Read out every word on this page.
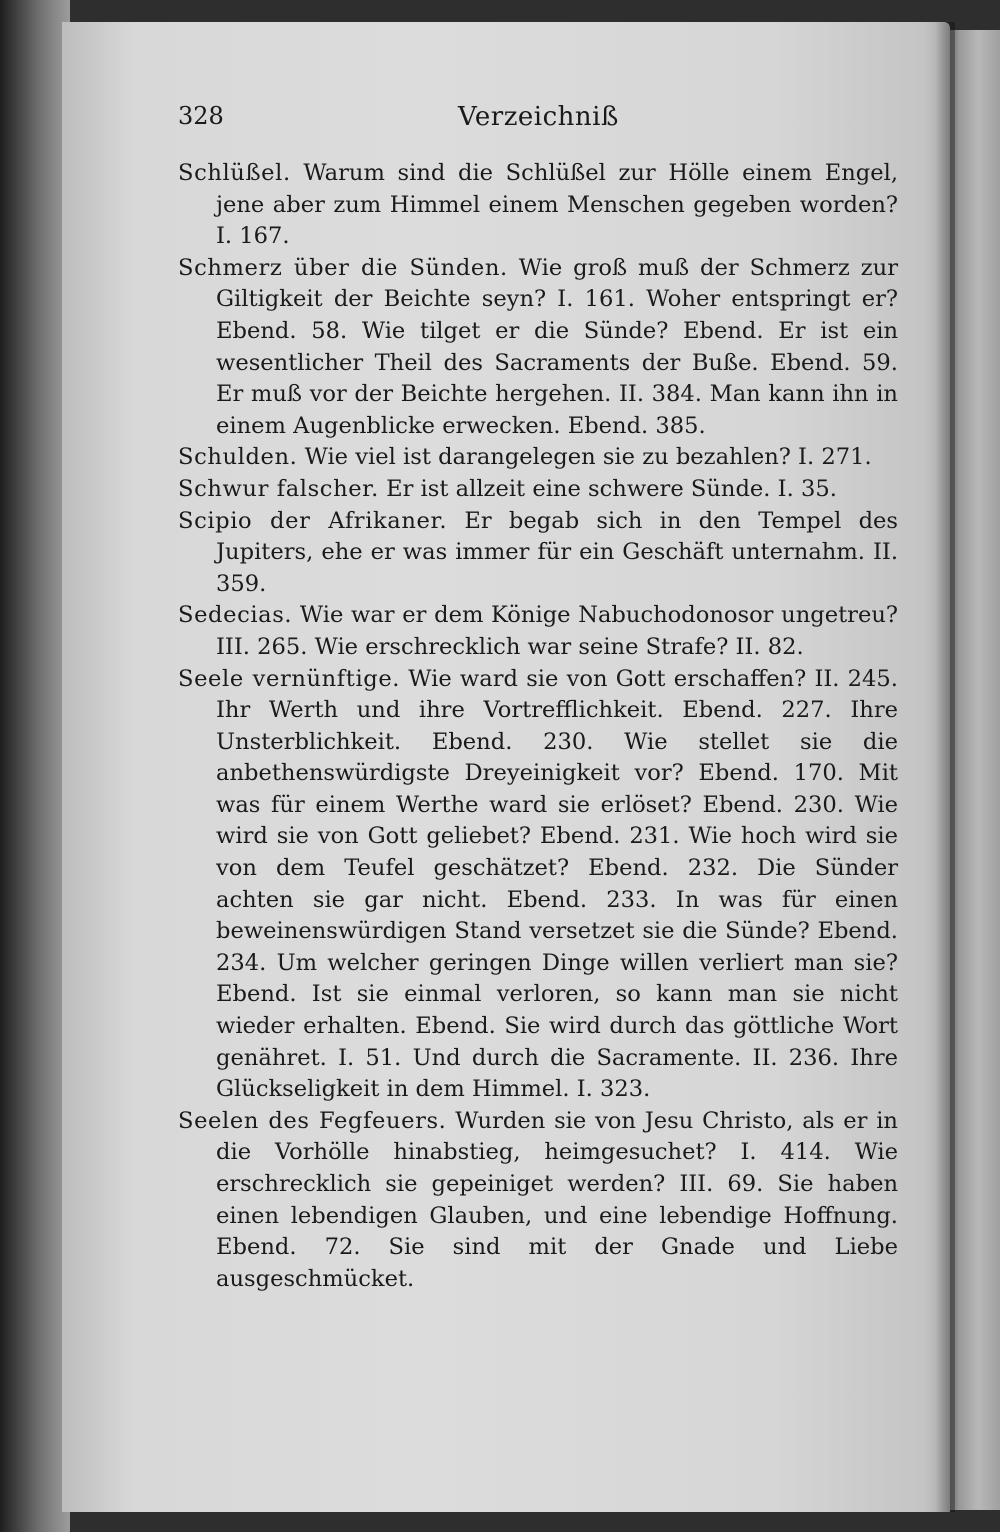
328	Verzeichniß

Schlüßel. Warum sind die Schlüßel zur Hölle einem Engel, jene aber zum Himmel einem Menschen gegeben worden? I. 167.

Schmerz über die Sünden. Wie groß muß der Schmerz zur Giltigkeit der Beichte seyn? I. 161. Woher entspringt er? Ebend. 58. Wie tilget er die Sünde? Ebend. Er ist ein wesentlicher Theil des Sacraments der Buße. Ebend. 59. Er muß vor der Beichte hergehen. II. 384. Man kann ihn in einem Augenblicke erwecken. Ebend. 385.

Schulden. Wie viel ist darangelegen sie zu bezahlen? I. 271.

Schwur falscher. Er ist allzeit eine schwere Sünde. I. 35.

Scipio der Afrikaner. Er begab sich in den Tempel des Jupiters, ehe er was immer für ein Geschäft unternahm. II. 359.

Sedecias. Wie war er dem Könige Nabuchodonosor ungetreu? III. 265. Wie erschrecklich war seine Strafe? II. 82.

Seele vernünftige. Wie ward sie von Gott erschaffen? II. 245. Ihr Werth und ihre Vortrefflichkeit. Ebend. 227. Ihre Unsterblichkeit. Ebend. 230. Wie stellet sie die anbethenswürdigste Dreyeinigkeit vor? Ebend. 170. Mit was für einem Werthe ward sie erlöset? Ebend. 230. Wie wird sie von Gott geliebet? Ebend. 231. Wie hoch wird sie von dem Teufel geschätzet? Ebend. 232. Die Sünder achten sie gar nicht. Ebend. 233. In was für einen beweinenswürdigen Stand versetzet sie die Sünde? Ebend. 234. Um welcher geringen Dinge willen verliert man sie? Ebend. Ist sie einmal verloren, so kann man sie nicht wieder erhalten. Ebend. Sie wird durch das göttliche Wort genähret. I. 51. Und durch die Sacramente. II. 236. Ihre Glückseligkeit in dem Himmel. I. 323.

Seelen des Fegfeuers. Wurden sie von Jesu Christo, als er in die Vorhölle hinabstieg, heimgesuchet? I. 414. Wie erschrecklich sie gepeiniget werden? III. 69. Sie haben einen lebendigen Glauben, und eine lebendige Hoffnung. Ebend. 72. Sie sind mit der Gnade und Liebe ausgeschmücket.
